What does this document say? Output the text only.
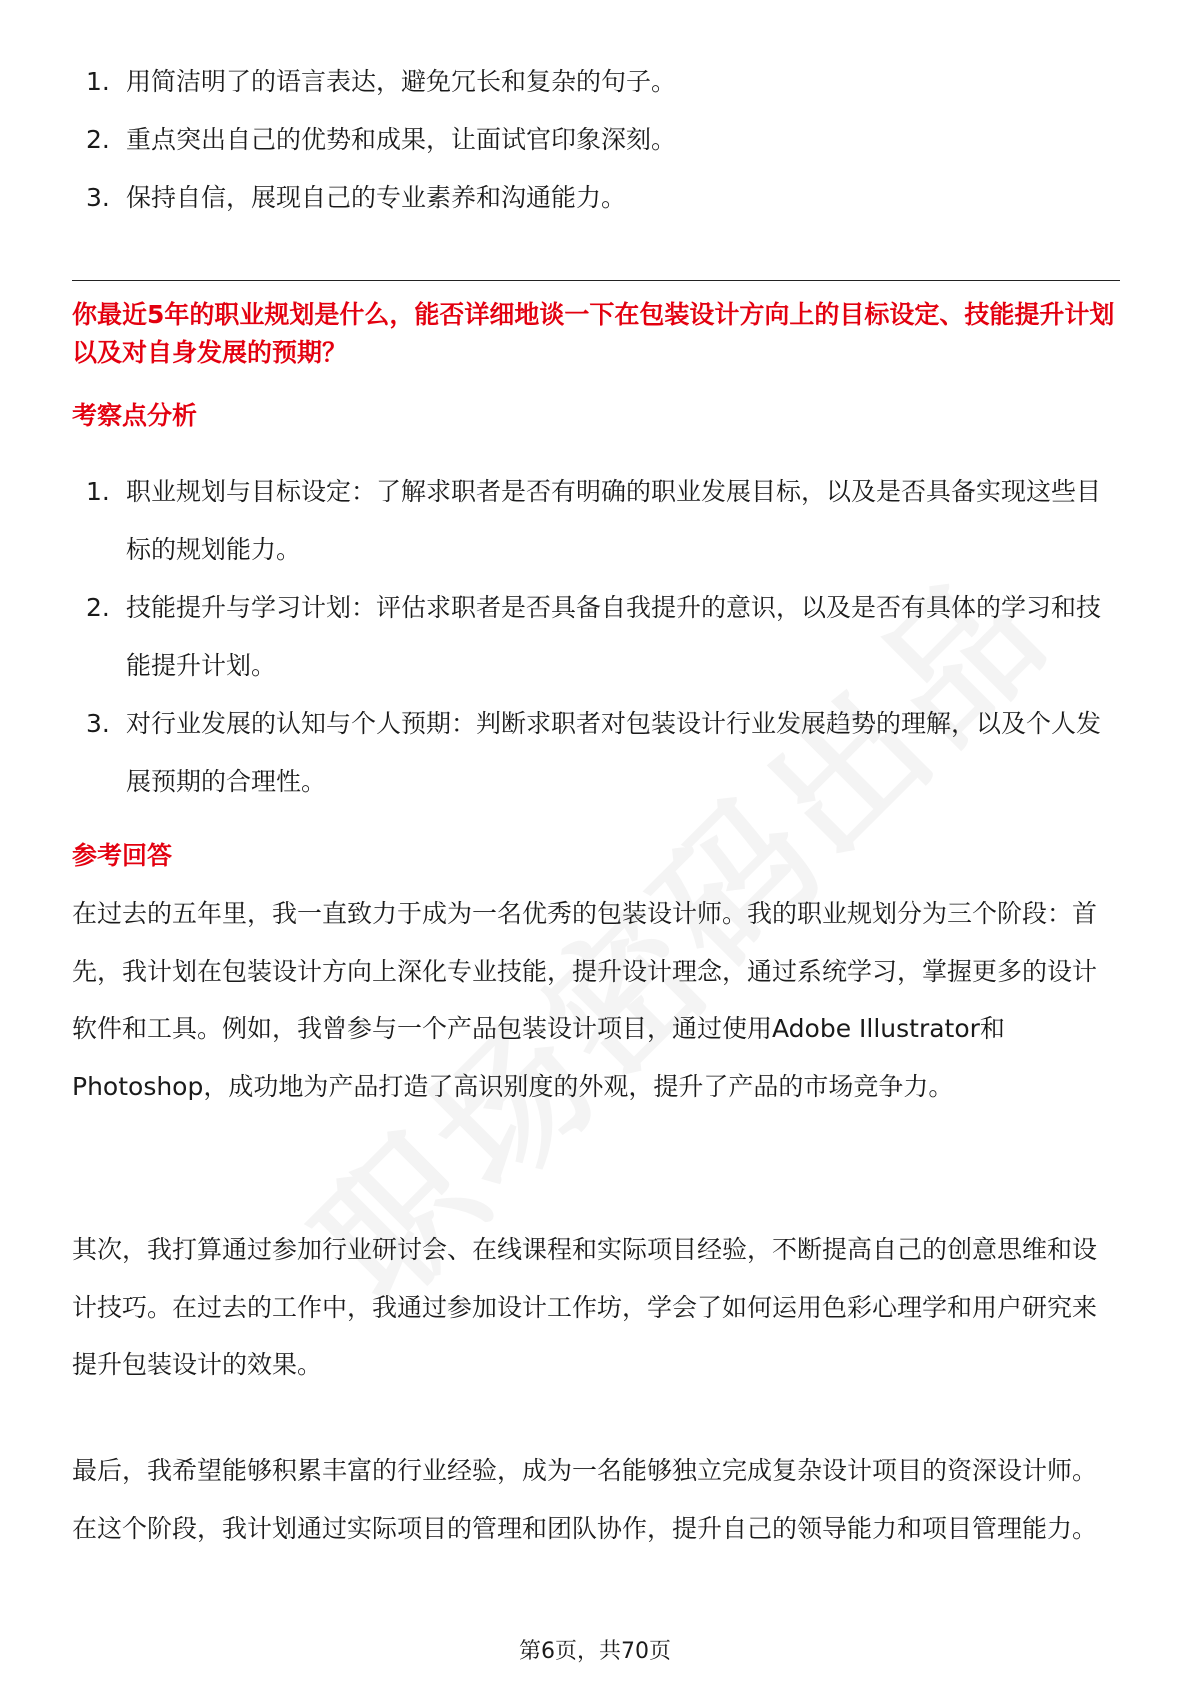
1. 用简洁明了的语言表达，避免冗长和复杂的句子。
2. 重点突出自己的优势和成果，让面试官印象深刻。
3. 保持自信，展现自己的专业素养和沟通能力。
你最近5年的职业规划是什么，能否详细地谈一下在包装设计方向上的目标设定、技能提升计划以及对自身发展的预期？
考察点分析
1. 职业规划与目标设定：了解求职者是否有明确的职业发展目标，以及是否具备实现这些目标的规划能力。
2. 技能提升与学习计划：评估求职者是否具备自我提升的意识，以及是否有具体的学习和技能提升计划。
3. 对行业发展的认知与个人预期：判断求职者对包装设计行业发展趋势的理解，以及个人发展预期的合理性。
参考回答

在过去的五年里，我一直致力于成为一名优秀的包装设计师。我的职业规划分为三个阶段：首先，我计划在包装设计方向上深化专业技能，提升设计理念，通过系统学习，掌握更多的设计软件和工具。例如，我曾参与一个产品包装设计项目，通过使用Adobe Illustrator和Photoshop，成功地为产品打造了高识别度的外观，提升了产品的市场竞争力。

其次，我打算通过参加行业研讨会、在线课程和实际项目经验，不断提高自己的创意思维和设计技巧。在过去的工作中，我通过参加设计工作坊，学会了如何运用色彩心理学和用户研究来提升包装设计的效果。

最后，我希望能够积累丰富的行业经验，成为一名能够独立完成复杂设计项目的资深设计师。在这个阶段，我计划通过实际项目的管理和团队协作，提升自己的领导能力和项目管理能力。

第6页，共70页
